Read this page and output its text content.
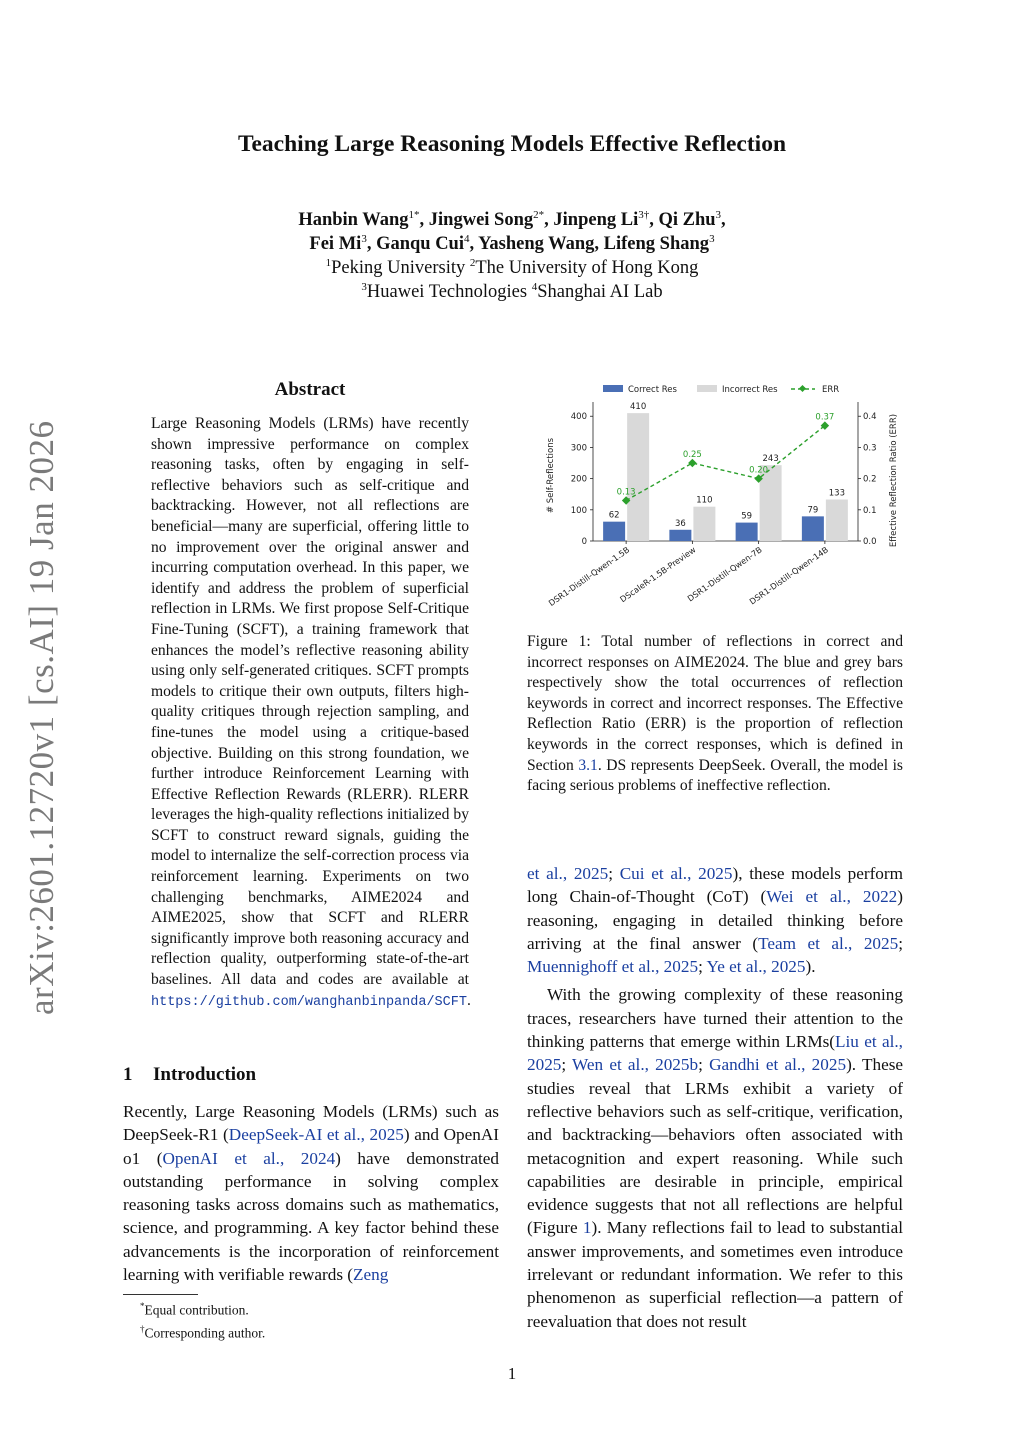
arXiv:2601.12720v1 [cs.AI] 19 Jan 2026
Teaching Large Reasoning Models Effective Reflection
Hanbin Wang$^{1*}$, Jingwei Song$^{2*}$, Jinpeng $Li^{3\dagger}$, Qi Zhu$^3$,
Fei Mi$^3$, Ganqu Cui$^4$, Yasheng Wang, Lifeng Shang$^3$
$^1$Peking University $^2$The University of Hong Kong
$^3$Huawei Technologies $^4$Shanghai AI Lab
Abstract
Large Reasoning Models (LRMs) have recently shown impressive performance on complex reasoning tasks, often by engaging in self-reflective behaviors such as self-critique and backtracking. However, not all reflections are beneficial—many are superficial, offering little to no improvement over the original answer and incurring computation overhead. In this paper, we identify and address the problem of superficial reflection in LRMs. We first propose Self-Critique Fine-Tuning (SCFT), a training framework that enhances the model’s reflective reasoning ability using only self-generated critiques. SCFT prompts models to critique their own outputs, filters high-quality critiques through rejection sampling, and fine-tunes the model using a critique-based objective. Building on this strong foundation, we further introduce Reinforcement Learning with Effective Reflection Rewards (RLERR). RLERR leverages the high-quality reflections initialized by SCFT to construct reward signals, guiding the model to internalize the self-correction process via reinforcement learning. Experiments on two challenging benchmarks, AIME2024 and AIME2025, show that SCFT and RLERR significantly improve both reasoning accuracy and reflection quality, outperforming state-of-the-art baselines. All data and codes are available at https://github.com/wanghanbinpanda/SCFT.
1 Introduction
Recently, Large Reasoning Models (LRMs) such as DeepSeek-R1 (DeepSeek-AI et al., 2025) and OpenAI o1 (OpenAI et al., 2024) have demonstrated outstanding performance in solving complex reasoning tasks across domains such as mathematics, science, and programming. A key factor behind these advancements is the incorporation of reinforcement learning with verifiable rewards (Zeng
*Equal contribution.
†Corresponding author.
0
100
200
300
400
0.0
0.1
0.2
0.3
0.4
# Self-Reflections	Effective Reflection Ratio (ERR)
62
410
DSR1-Distill-Qwen-1.5B
36
110
DScaleR-1.5B-Preview
59
243
DSR1-Distill-Qwen-7B
79
133
DSR1-Distill-Qwen-14B
0.13
0.25
0.20
0.37
Correct Res	Incorrect Res	ERR
Figure 1: Total number of reflections in correct and incorrect responses on AIME2024. The blue and grey bars respectively show the total occurrences of reflection keywords in correct and incorrect responses. The Effective Reflection Ratio (ERR) is the proportion of reflection keywords in the correct responses, which is defined in Section 3.1. DS represents DeepSeek. Overall, the model is facing serious problems of ineffective reflection.

et al., 2025; Cui et al., 2025), these models perform long Chain-of-Thought (CoT) (Wei et al., 2022) reasoning, engaging in detailed thinking before arriving at the final answer (Team et al., 2025; Muennighoff et al., 2025; Ye et al., 2025).

With the growing complexity of these reasoning traces, researchers have turned their attention to the thinking patterns that emerge within LRMs(Liu et al., 2025; Wen et al., 2025b; Gandhi et al., 2025). These studies reveal that LRMs exhibit a variety of reflective behaviors such as self-critique, verification, and backtracking—behaviors often associated with metacognition and expert reasoning. While such capabilities are desirable in principle, empirical evidence suggests that not all reflections are helpful (Figure 1). Many reflections fail to lead to substantial answer improvements, and sometimes even introduce irrelevant or redundant information. We refer to this phenomenon as superficial reflection—a pattern of reevaluation that does not result

1
